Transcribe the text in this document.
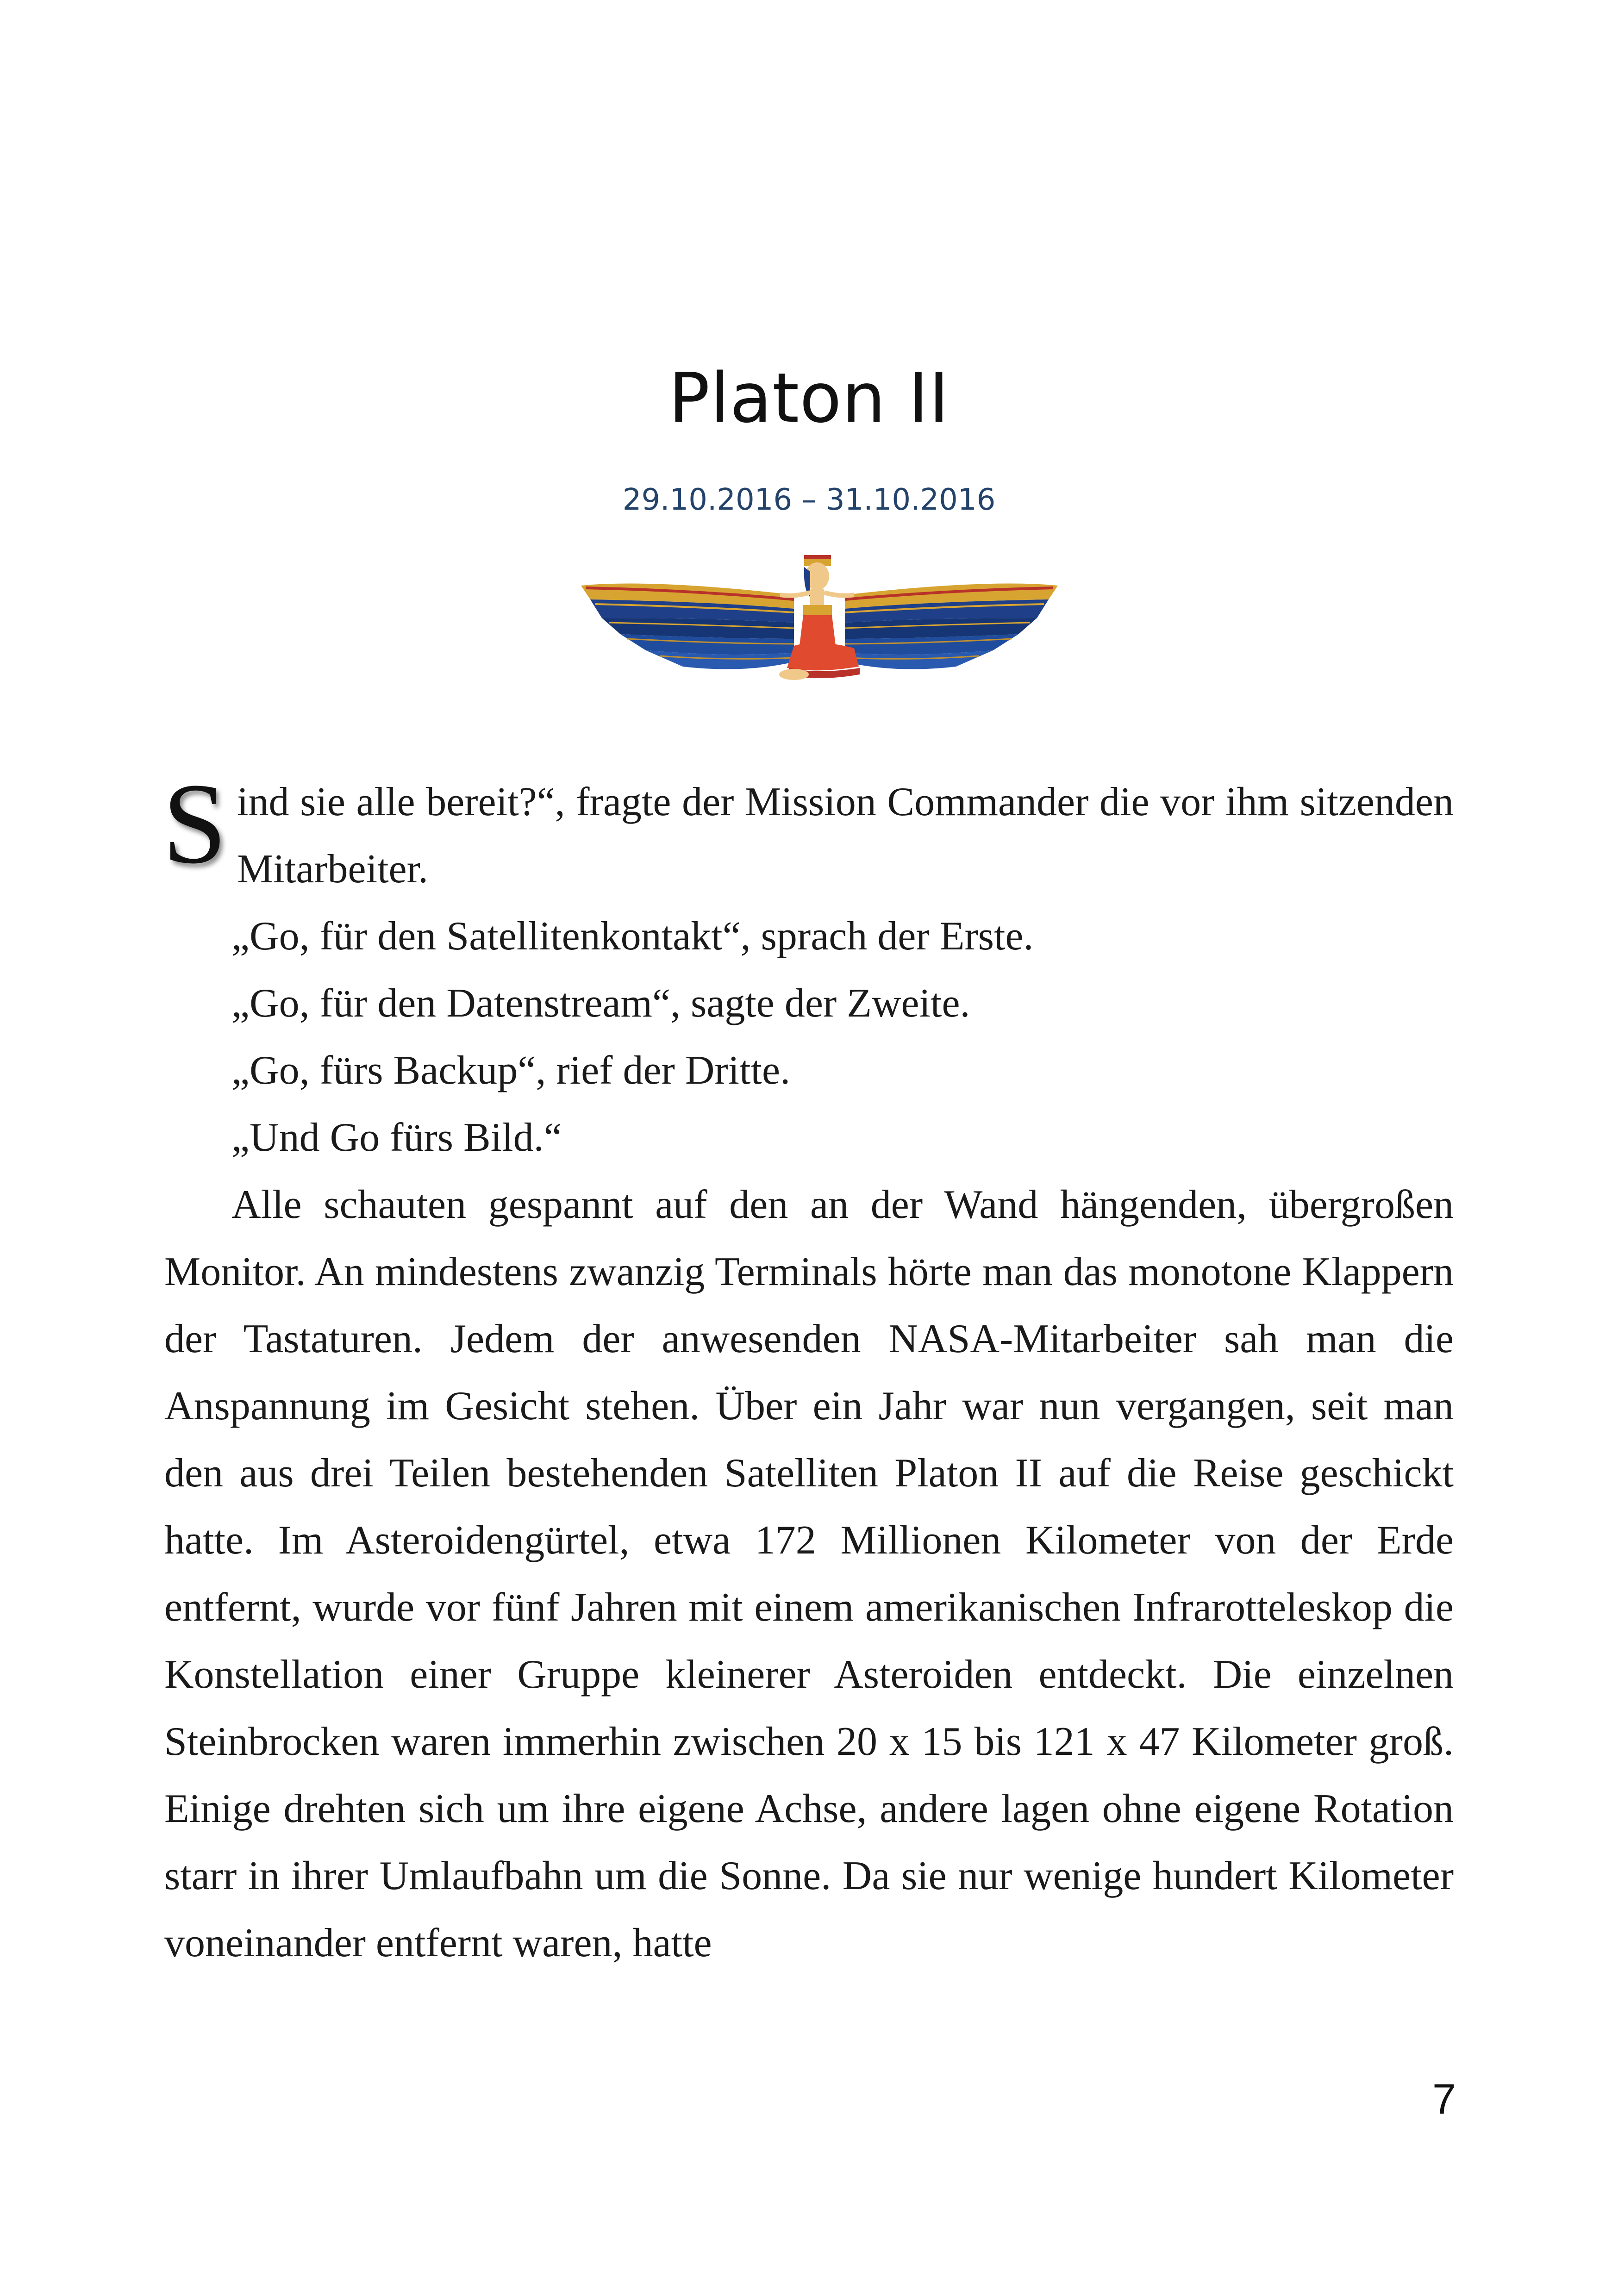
Platon II
29.10.2016 – 31.10.2016

Sind sie alle bereit?“, fragte der Mission Commander die vor ihm sitzenden Mitarbeiter.

„Go, für den Satellitenkontakt“, sprach der Erste.

„Go, für den Datenstream“, sagte der Zweite.

„Go, fürs Backup“, rief der Dritte.

„Und Go fürs Bild.“

Alle schauten gespannt auf den an der Wand hängenden, übergroßen Monitor. An mindestens zwanzig Terminals hörte man das monotone Klappern der Tastaturen. Jedem der anwesenden NASA-Mitarbeiter sah man die Anspannung im Gesicht stehen. Über ein Jahr war nun vergangen, seit man den aus drei Teilen bestehenden Satelliten Platon II auf die Reise geschickt hatte. Im Asteroidengürtel, etwa 172 Millionen Kilometer von der Erde entfernt, wurde vor fünf Jahren mit einem amerikanischen Infrarotteleskop die Konstellation einer Gruppe kleinerer Asteroiden entdeckt. Die einzelnen Steinbrocken waren immerhin zwischen 20 x 15 bis 121 x 47 Kilometer groß. Einige drehten sich um ihre eigene Achse, andere lagen ohne eigene Rotation starr in ihrer Umlaufbahn um die Sonne. Da sie nur wenige hundert Kilometer voneinander entfernt waren, hatte

7
